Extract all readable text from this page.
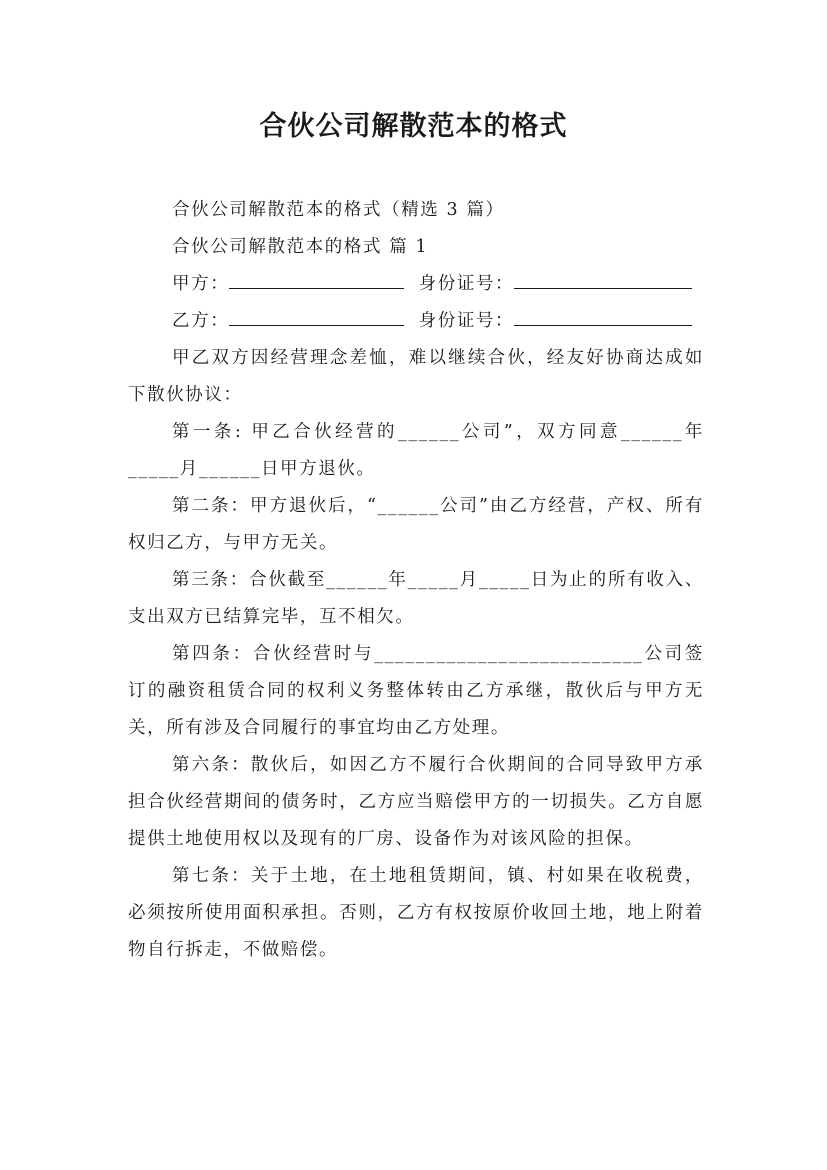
合伙公司解散范本的格式

合伙公司解散范本的格式（精选 3 篇）

合伙公司解散范本的格式 篇 1

甲方：	身份证号：

乙方：	身份证号：

甲乙双方因经营理念差恤，难以继续合伙，经友好协商达成如下散伙协议：

第一条: 甲乙合伙经营的______公司”，双方同意______年_____月______日甲方退伙。

第二条：甲方退伙后，“______公司”由乙方经营，产权、所有权归乙方，与甲方无关。

第三条：合伙截至______年_____月_____日为止的所有收入、支出双方已结算完毕，互不相欠。

第四条：合伙经营时与__________________________公司签订的融资租赁合同的权利义务整体转由乙方承继，散伙后与甲方无关，所有涉及合同履行的事宜均由乙方处理。

第六条：散伙后，如因乙方不履行合伙期间的合同导致甲方承担合伙经营期间的债务时，乙方应当赔偿甲方的一切损失。乙方自愿提供土地使用权以及现有的厂房、设备作为对该风险的担保。

第七条：关于土地，在土地租赁期间，镇、村如果在收税费，必须按所使用面积承担。否则，乙方有权按原价收回土地，地上附着物自行拆走，不做赔偿。
